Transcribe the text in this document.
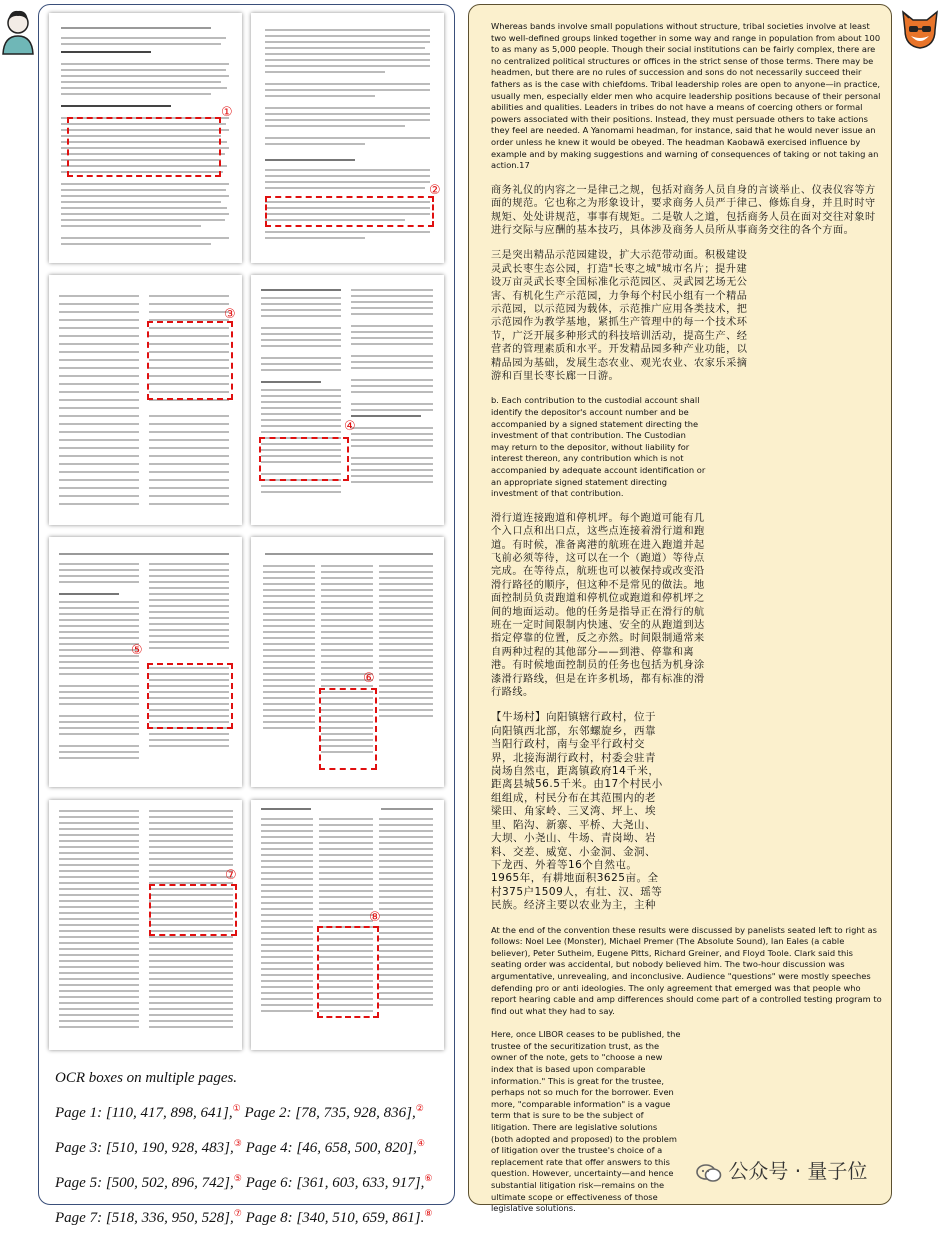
①
②
③
④
⑤
⑥
⑦
⑧
OCR boxes on multiple pages.
Page 1: [110, 417, 898, 641],① Page 2: [78, 735, 928, 836],②
Page 3: [510, 190, 928, 483],③ Page 4: [46, 658, 500, 820],④
Page 5: [500, 502, 896, 742],⑤ Page 6: [361, 603, 633, 917],⑥
Page 7: [518, 336, 950, 528],⑦ Page 8: [340, 510, 659, 861].⑧

Whereas bands involve small populations without structure, tribal societies involve at least two well-defined groups linked together in some way and range in population from about 100 to as many as 5,000 people. Though their social institutions can be fairly complex, there are no centralized political structures or offices in the strict sense of those terms. There may be headmen, but there are no rules of succession and sons do not necessarily succeed their fathers as is the case with chiefdoms. Tribal leadership roles are open to anyone—in practice, usually men, especially elder men who acquire leadership positions because of their personal abilities and qualities. Leaders in tribes do not have a means of coercing others or formal powers associated with their positions. Instead, they must persuade others to take actions they feel are needed. A Yanomami headman, for instance, said that he would never issue an order unless he knew it would be obeyed. The headman Kaobawä exercised influence by example and by making suggestions and warning of consequences of taking or not taking an action.17

商务礼仪的内容之一是律己之规，包括对商务人员自身的言谈举止、仪表仪容等方面的规范。它也称之为形象设计，要求商务人员严于律己、修炼自身，并且时时守规矩、处处讲规范，事事有规矩。二是敬人之道，包括商务人员在面对交往对象时进行交际与应酬的基本技巧，具体涉及商务人员所从事商务交往的各个方面。

三是突出精品示范园建设，扩大示范带动面。积极建设灵武长枣生态公园，打造"长枣之城"城市名片；提升建设万亩灵武长枣全国标准化示范园区、灵武园艺场无公害、有机化生产示范园，力争每个村民小组有一个精品示范园，以示范园为载体，示范推广应用各类技术，把示范园作为教学基地，紧抓生产管理中的每一个技术环节，广泛开展多种形式的科技培训活动，提高生产、经营者的管理素质和水平。开发精品园多种产业功能，以精品园为基础，发展生态农业、观光农业、农家乐采摘游和百里长枣长廊一日游。

b. Each contribution to the custodial account shall identify the depositor's account number and be accompanied by a signed statement directing the investment of that contribution. The Custodian may return to the depositor, without liability for interest thereon, any contribution which is not accompanied by adequate account identification or an appropriate signed statement directing investment of that contribution.

滑行道连接跑道和停机坪。每个跑道可能有几个入口点和出口点，这些点连接着滑行道和跑道。有时候，准备离港的航班在进入跑道并起飞前必须等待，这可以在一个（跑道）等待点完成。在等待点，航班也可以被保持或改变沿滑行路径的顺序，但这种不是常见的做法。地面控制员负责跑道和停机位或跑道和停机坪之间的地面运动。他的任务是指导正在滑行的航班在一定时间限制内快速、安全的从跑道到达指定停靠的位置，反之亦然。时间限制通常来自两种过程的其他部分——到港、停靠和离港。有时候地面控制员的任务也包括为机身涂漆滑行路线，但是在许多机场，都有标准的滑行路线。

【牛场村】向阳镇辖行政村，位于向阳镇西北部，东邻螺旋乡，西靠当阳行政村，南与金平行政村交界，北接海湖行政村，村委会驻青岗场自然屯，距离镇政府14千米，距离县城56.5千米。由17个村民小组组成，村民分布在其范围内的老梁田、角家岭、三叉湾、坪上、埃里、陷沟、新寨、平桥、大尧山、大坝、小尧山、牛场、青岗坳、岩料、交差、威宽、小金洞、金洞、下龙西、外着等16个自然屯。1965年，有耕地面积3625亩。全村375户1509人，有壮、汉、瑶等民族。经济主要以农业为主，主种

At the end of the convention these results were discussed by panelists seated left to right as follows: Noel Lee (Monster), Michael Premer (The Absolute Sound), Ian Eales (a cable believer), Peter Sutheim, Eugene Pitts, Richard Greiner, and Floyd Toole. Clark said this seating order was accidental, but nobody believed him. The two-hour discussion was argumentative, unrevealing, and inconclusive. Audience "questions" were mostly speeches defending pro or anti ideologies. The only agreement that emerged was that people who report hearing cable and amp differences should come part of a controlled testing program to find out what they had to say.

Here, once LIBOR ceases to be published, the trustee of the securitization trust, as the owner of the note, gets to "choose a new index that is based upon comparable information." This is great for the trustee, perhaps not so much for the borrower. Even more, "comparable information" is a vague term that is sure to be the subject of litigation. There are legislative solutions (both adopted and proposed) to the problem of litigation over the trustee's choice of a replacement rate that offer answers to this question. However, uncertainty—and hence substantial litigation risk—remains on the ultimate scope or effectiveness of those legislative solutions.

公众号 · 量子位
